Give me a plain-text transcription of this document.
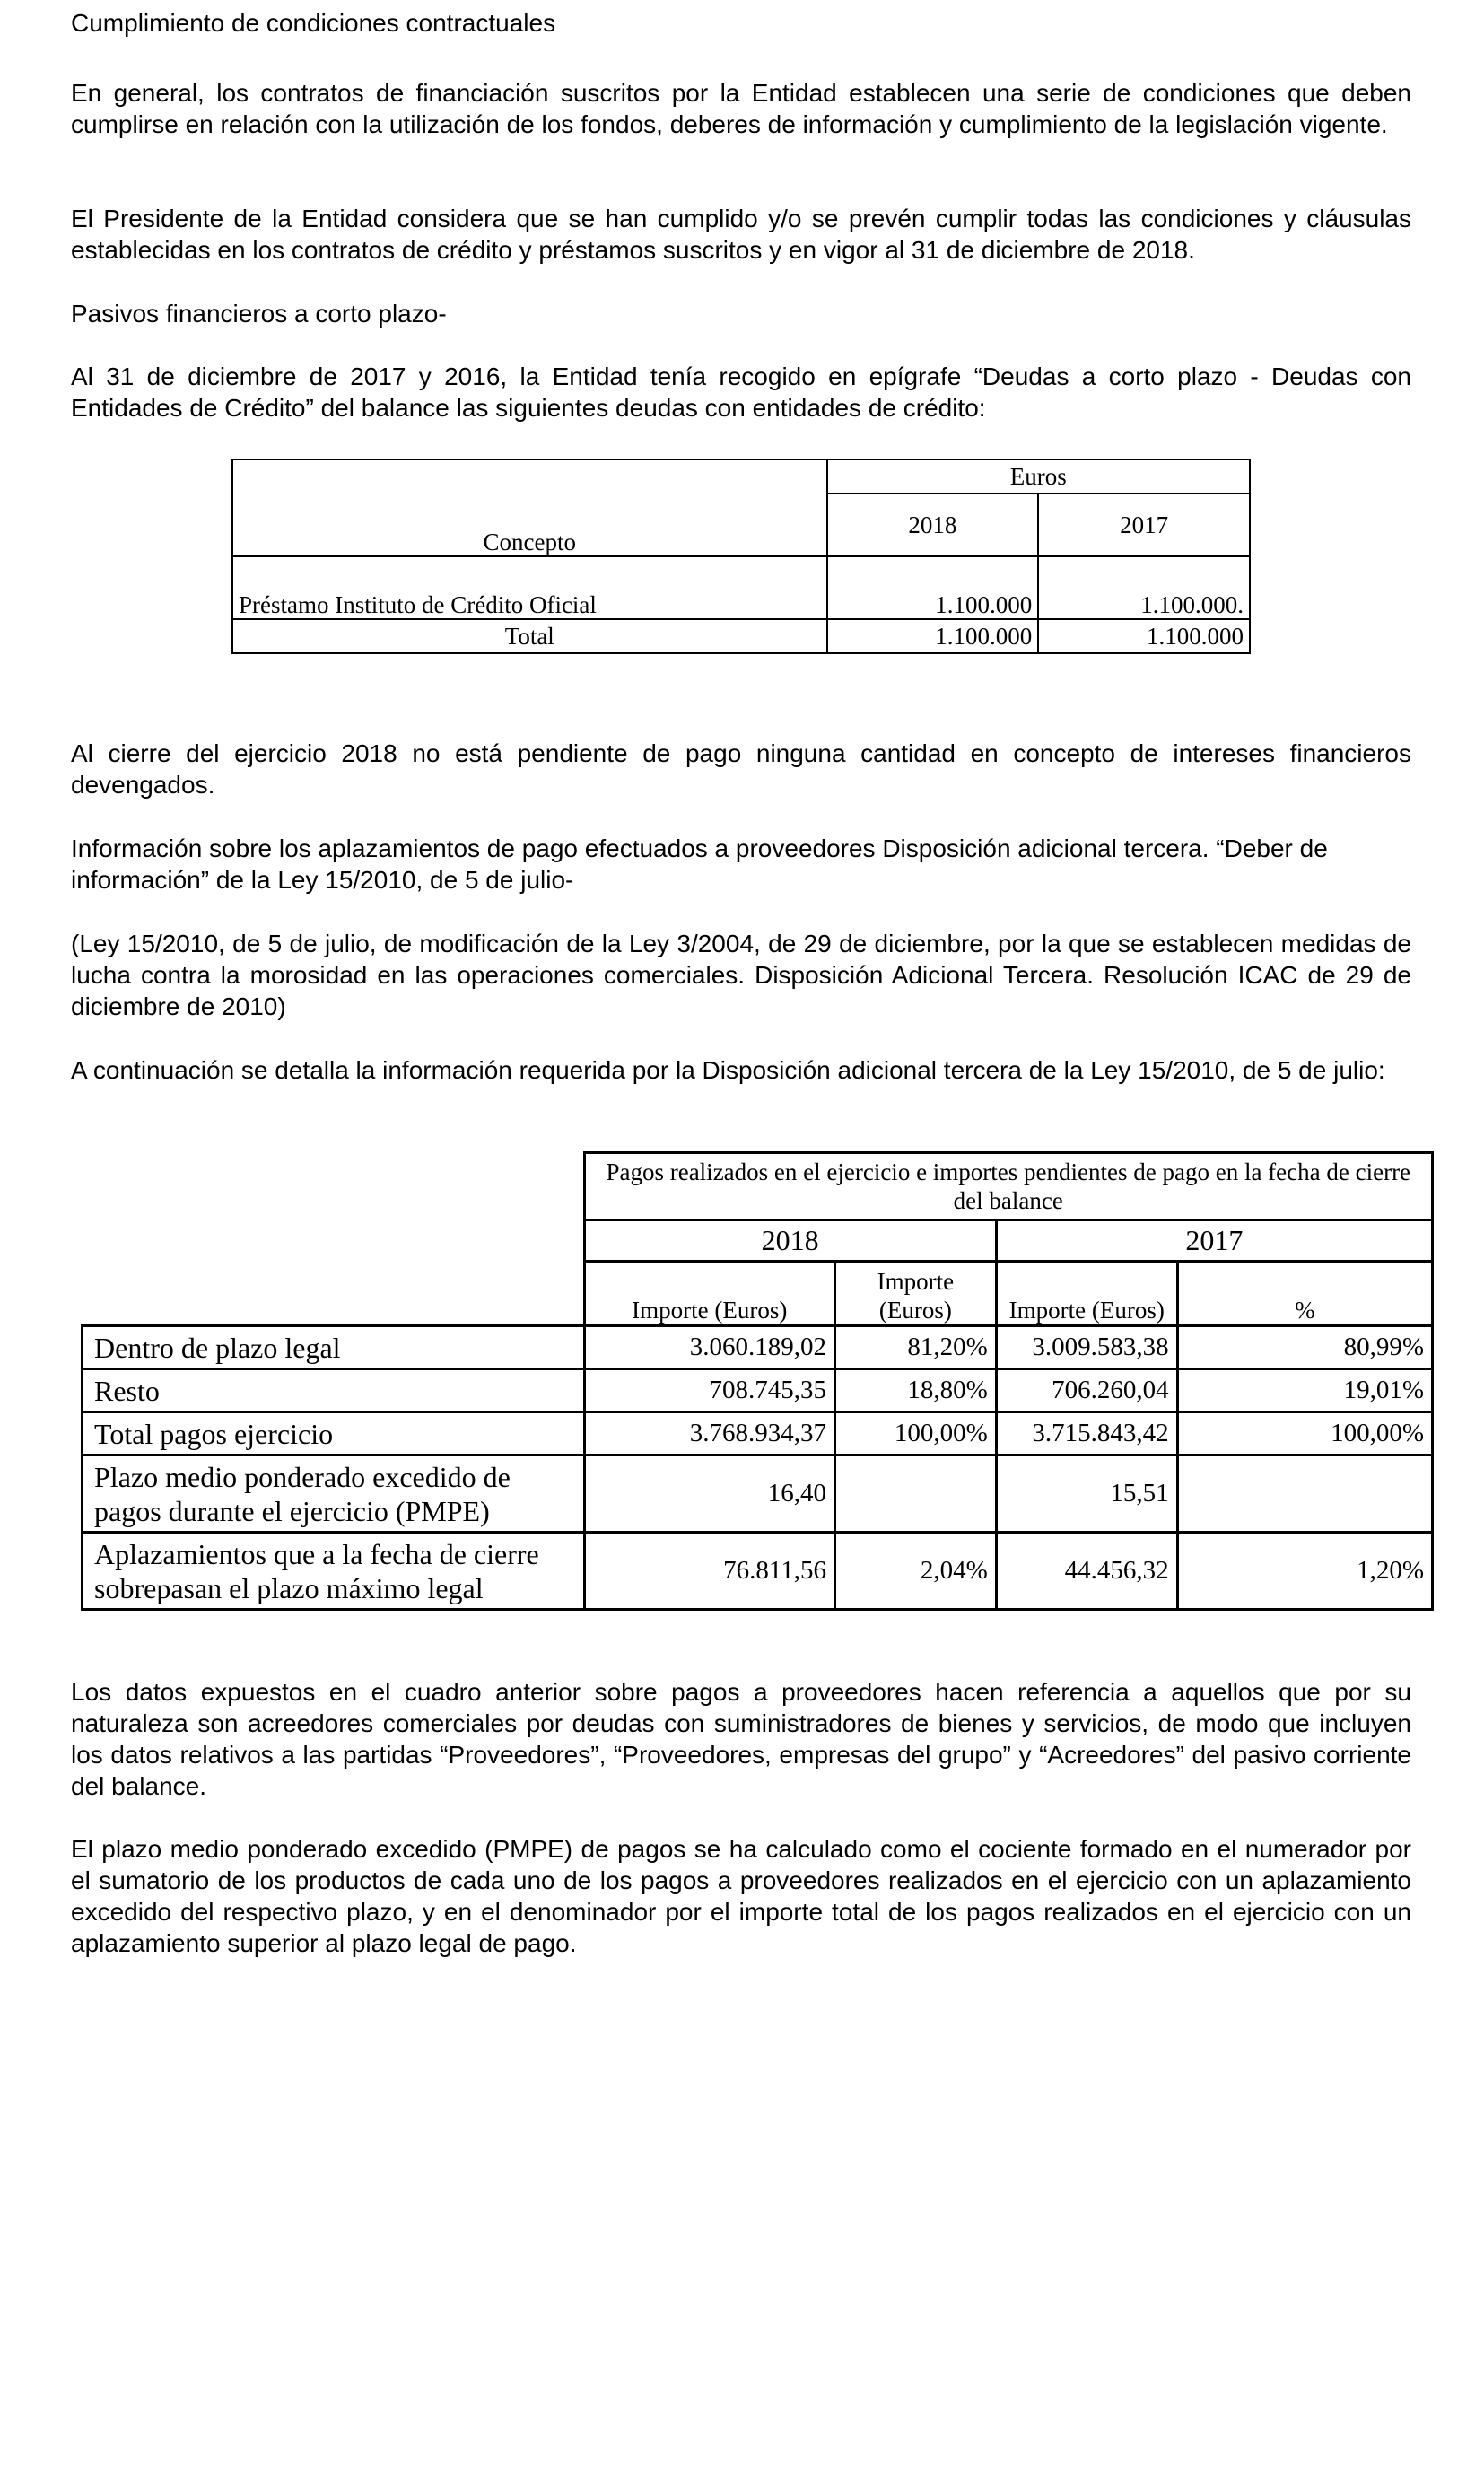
Cumplimiento de condiciones contractuales

En general, los contratos de financiación suscritos por la Entidad establecen una serie de condiciones que deben cumplirse en relación con la utilización de los fondos, deberes de información y cumplimiento de la legislación vigente.

El Presidente de la Entidad considera que se han cumplido y/o se prevén cumplir todas las condiciones y cláusulas establecidas en los contratos de crédito y préstamos suscritos y en vigor al 31 de diciembre de 2018.

Pasivos financieros a corto plazo-

Al 31 de diciembre de 2017 y 2016, la Entidad tenía recogido en epígrafe “Deudas a corto plazo - Deudas con Entidades de Crédito” del balance las siguientes deudas con entidades de crédito:

Al cierre del ejercicio 2018 no está pendiente de pago ninguna cantidad en concepto de intereses financieros devengados.

Información sobre los aplazamientos de pago efectuados a proveedores Disposición adicional tercera. “Deber de información” de la Ley 15/2010, de 5 de julio-

(Ley 15/2010, de 5 de julio, de modificación de la Ley 3/2004, de 29 de diciembre, por la que se establecen medidas de lucha contra la morosidad en las operaciones comerciales. Disposición Adicional Tercera. Resolución ICAC de 29 de diciembre de 2010)

A continuación se detalla la información requerida por la Disposición adicional tercera de la Ley 15/2010, de 5 de julio:

Los datos expuestos en el cuadro anterior sobre pagos a proveedores hacen referencia a aquellos que por su naturaleza son acreedores comerciales por deudas con suministradores de bienes y servicios, de modo que incluyen los datos relativos a las partidas “Proveedores”, “Proveedores, empresas del grupo” y “Acreedores” del pasivo corriente del balance.

El plazo medio ponderado excedido (PMPE) de pagos se ha calculado como el cociente formado en el numerador por el sumatorio de los productos de cada uno de los pagos a proveedores realizados en el ejercicio con un aplazamiento excedido del respectivo plazo, y en el denominador por el importe total de los pagos realizados en el ejercicio con un aplazamiento superior al plazo legal de pago.

Concepto	Euros	
	2018	2017
Préstamo Instituto de Crédito Oficial	1.100.000	1.100.000.
Total	1.100.000	1.100.000
	Pagos realizados en el ejercicio e importes pendientes de pago en la fecha de cierre del balance			
	2018		2017	
	Importe (Euros)	Importe (Euros)	Importe (Euros)	%
Dentro de plazo legal	3.060.189,02	81,20%	3.009.583,38	80,99%
Resto	708.745,35	18,80%	706.260,04	19,01%
Total pagos ejercicio	3.768.934,37	100,00%	3.715.843,42	100,00%
Plazo medio ponderado excedido de pagos durante el ejercicio (PMPE)	16,40		15,51	
Aplazamientos que a la fecha de cierre sobrepasan el plazo máximo legal	76.811,56	2,04%	44.456,32	1,20%
